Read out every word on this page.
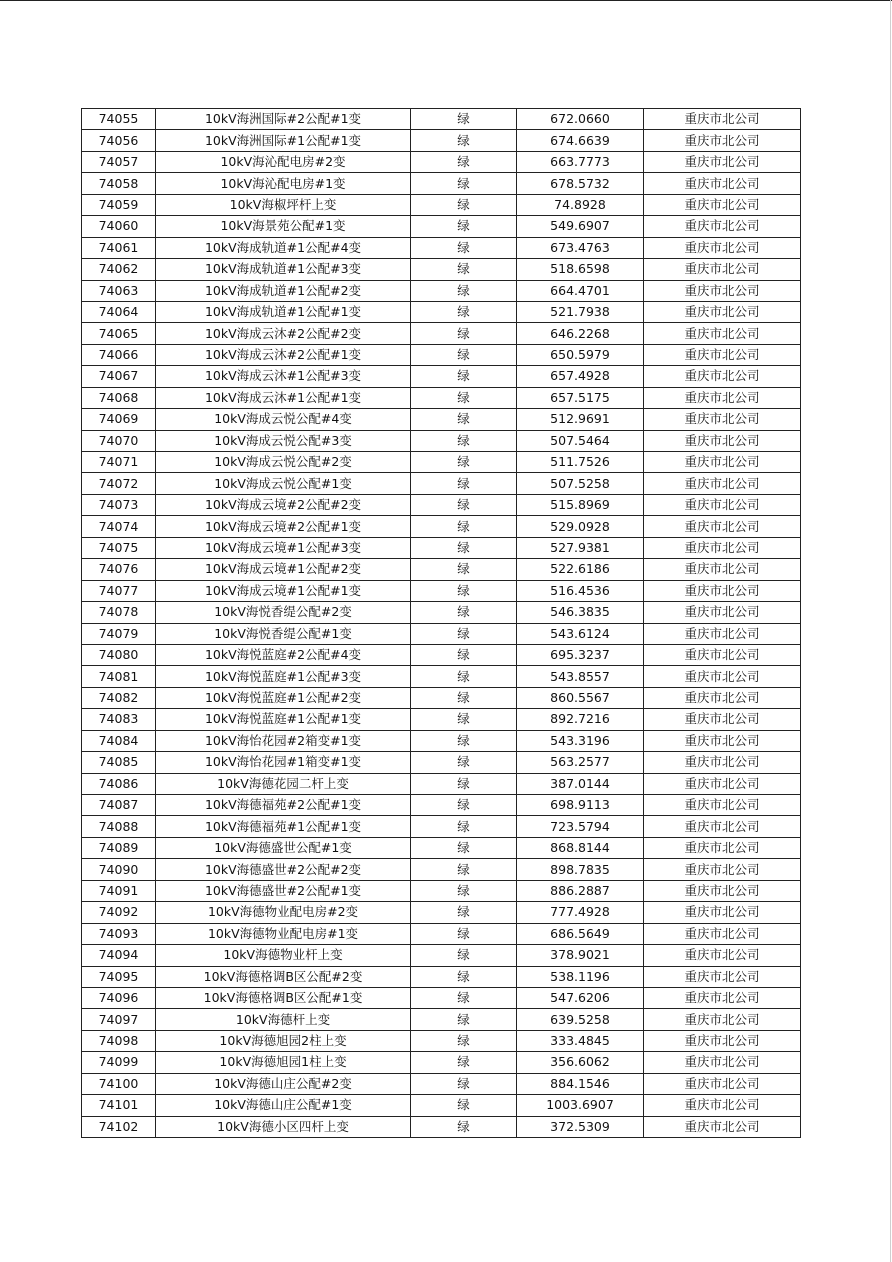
74055	10kV海洲国际#2公配#1变	绿	672.0660	重庆市北公司
74056	10kV海洲国际#1公配#1变	绿	674.6639	重庆市北公司
74057	10kV海沁配电房#2变	绿	663.7773	重庆市北公司
74058	10kV海沁配电房#1变	绿	678.5732	重庆市北公司
74059	10kV海椒坪杆上变	绿	74.8928	重庆市北公司
74060	10kV海景苑公配#1变	绿	549.6907	重庆市北公司
74061	10kV海成轨道#1公配#4变	绿	673.4763	重庆市北公司
74062	10kV海成轨道#1公配#3变	绿	518.6598	重庆市北公司
74063	10kV海成轨道#1公配#2变	绿	664.4701	重庆市北公司
74064	10kV海成轨道#1公配#1变	绿	521.7938	重庆市北公司
74065	10kV海成云沐#2公配#2变	绿	646.2268	重庆市北公司
74066	10kV海成云沐#2公配#1变	绿	650.5979	重庆市北公司
74067	10kV海成云沐#1公配#3变	绿	657.4928	重庆市北公司
74068	10kV海成云沐#1公配#1变	绿	657.5175	重庆市北公司
74069	10kV海成云悦公配#4变	绿	512.9691	重庆市北公司
74070	10kV海成云悦公配#3变	绿	507.5464	重庆市北公司
74071	10kV海成云悦公配#2变	绿	511.7526	重庆市北公司
74072	10kV海成云悦公配#1变	绿	507.5258	重庆市北公司
74073	10kV海成云境#2公配#2变	绿	515.8969	重庆市北公司
74074	10kV海成云境#2公配#1变	绿	529.0928	重庆市北公司
74075	10kV海成云境#1公配#3变	绿	527.9381	重庆市北公司
74076	10kV海成云境#1公配#2变	绿	522.6186	重庆市北公司
74077	10kV海成云境#1公配#1变	绿	516.4536	重庆市北公司
74078	10kV海悦香缇公配#2变	绿	546.3835	重庆市北公司
74079	10kV海悦香缇公配#1变	绿	543.6124	重庆市北公司
74080	10kV海悦蓝庭#2公配#4变	绿	695.3237	重庆市北公司
74081	10kV海悦蓝庭#1公配#3变	绿	543.8557	重庆市北公司
74082	10kV海悦蓝庭#1公配#2变	绿	860.5567	重庆市北公司
74083	10kV海悦蓝庭#1公配#1变	绿	892.7216	重庆市北公司
74084	10kV海怡花园#2箱变#1变	绿	543.3196	重庆市北公司
74085	10kV海怡花园#1箱变#1变	绿	563.2577	重庆市北公司
74086	10kV海德花园二杆上变	绿	387.0144	重庆市北公司
74087	10kV海德福苑#2公配#1变	绿	698.9113	重庆市北公司
74088	10kV海德福苑#1公配#1变	绿	723.5794	重庆市北公司
74089	10kV海德盛世公配#1变	绿	868.8144	重庆市北公司
74090	10kV海德盛世#2公配#2变	绿	898.7835	重庆市北公司
74091	10kV海德盛世#2公配#1变	绿	886.2887	重庆市北公司
74092	10kV海德物业配电房#2变	绿	777.4928	重庆市北公司
74093	10kV海德物业配电房#1变	绿	686.5649	重庆市北公司
74094	10kV海德物业杆上变	绿	378.9021	重庆市北公司
74095	10kV海德格调B区公配#2变	绿	538.1196	重庆市北公司
74096	10kV海德格调B区公配#1变	绿	547.6206	重庆市北公司
74097	10kV海德杆上变	绿	639.5258	重庆市北公司
74098	10kV海德旭园2柱上变	绿	333.4845	重庆市北公司
74099	10kV海德旭园1柱上变	绿	356.6062	重庆市北公司
74100	10kV海德山庄公配#2变	绿	884.1546	重庆市北公司
74101	10kV海德山庄公配#1变	绿	1003.6907	重庆市北公司
74102	10kV海德小区四杆上变	绿	372.5309	重庆市北公司
